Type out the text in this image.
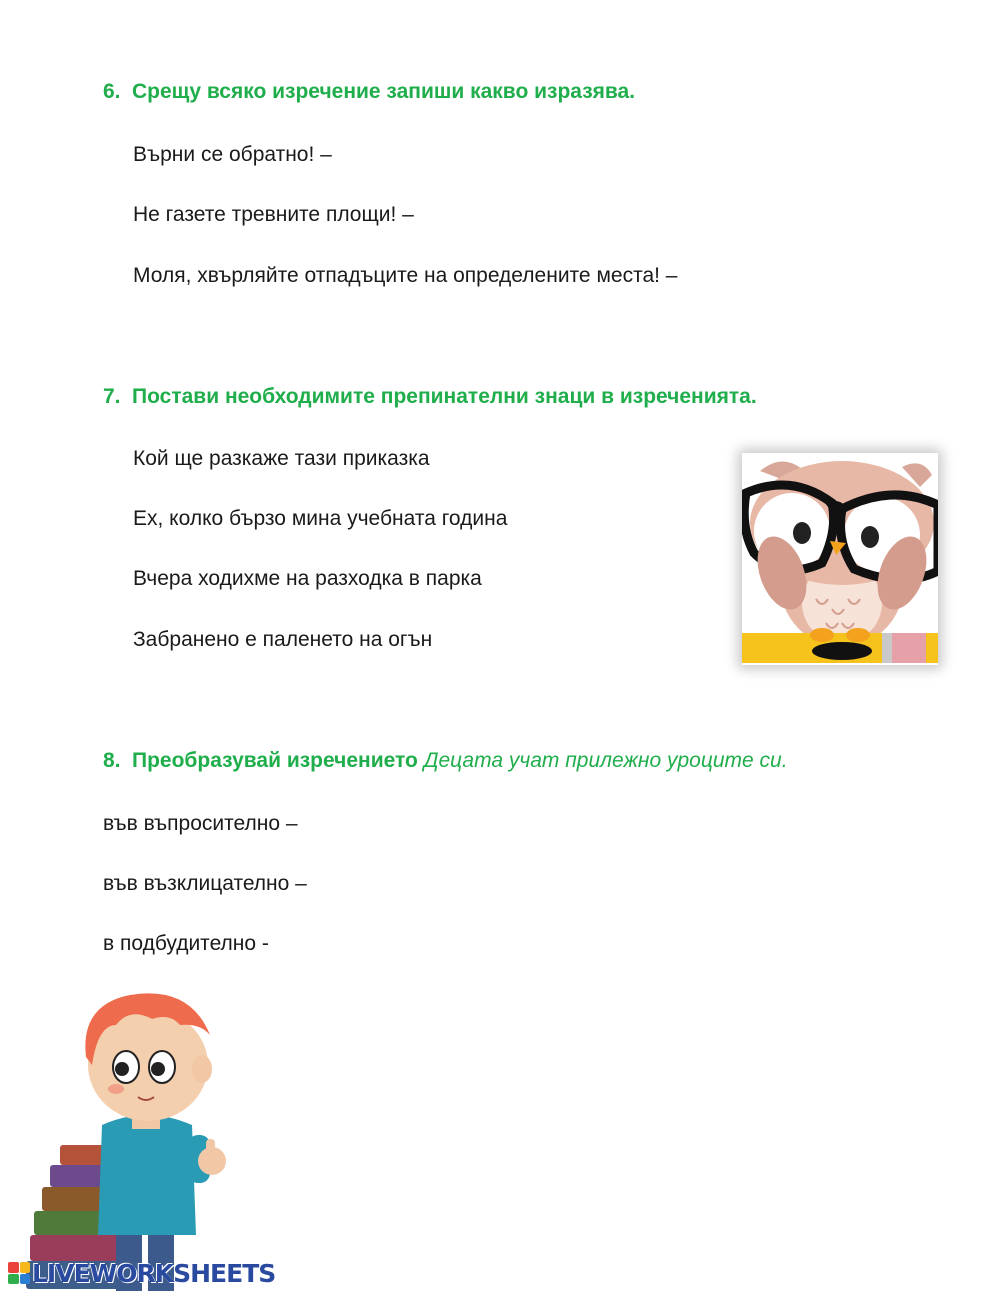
6. Срещу всяко изречение запиши какво изразява.

Върни се обратно! –

Не газете тревните площи! –

Моля, хвърляйте отпадъците на определените места! –

7. Постави необходимите препинателни знаци в изреченията.

Кой ще разкаже тази приказка

Ех, колко бързо мина учебната година

Вчера ходихме на разходка в парка

Забранено е паленето на огън

8. Преобразувай изречението Децата учат прилежно уроците си.

във въпросително –

във възклицателно –

в подбудително -

LIVEWORKSHEETS
